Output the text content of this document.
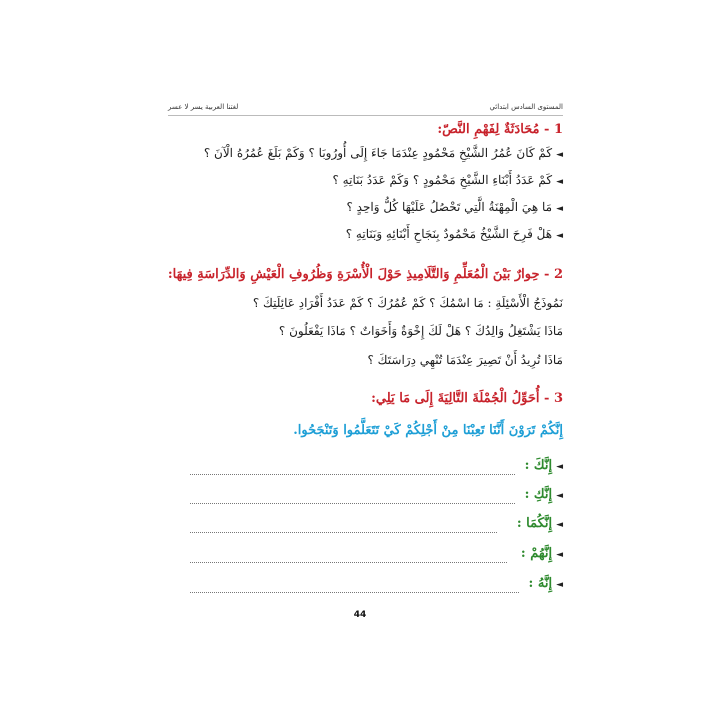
لغتنا العربية يسر لا عسر	المستوى السادس ابتدائي
1 - مُحَادَثَةٌ لِفَهْمِ النَّصّ:
◄كَمْ كَانَ عُمُرُ الشَّيْخِ مَحْمُودٍ عِنْدَمَا جَاءَ إِلَى أُورُوبَا ؟ وَكَمْ بَلَغَ عُمُرُهُ الْآنَ ؟
◄كَمْ عَدَدُ أَبْنَاءِ الشَّيْخِ مَحْمُودٍ ؟ وَكَمْ عَدَدُ بَنَاتِهِ ؟
◄مَا هِيَ الْمِهْنَةُ الَّتِي تَحْصُلُ عَلَيْهَا كُلُّ وَاحِدٍ ؟
◄هَلْ فَرِحَ الشَّيْخُ مَحْمُودٌ بِنَجَاحِ أَبْنَائِهِ وَبَنَاتِهِ ؟
2 - حِوارٌ بَيْنَ الْمُعَلِّمِ وَالتَّلَامِيذِ حَوْلَ الْأُسْرَةِ وَظُرُوفِ الْعَيْشِ وَالدِّرَاسَةِ فِيهَا:
نَمُوذَجُ الْأَسْئِلَةِ : مَا اسْمُكَ ؟ كَمْ عُمُرُكَ ؟ كَمْ عَدَدُ أَفْرَادِ عَائِلَتِكَ ؟
مَاذَا يَشْتَغِلُ وَالِدُكَ ؟ هَلْ لَكَ إِخْوَةٌ وَأَخَوَاتٌ ؟ مَاذَا يَفْعَلُونَ ؟
مَاذَا تُرِيدُ أَنْ تَصِيرَ عِنْدَمَا تُنْهِي دِرَاسَتَكَ ؟
3 - أُحَوِّلُ الْجُمْلَةَ التَّالِيَةَ إِلَى مَا يَلِي:
إِنَّكُمْ تَرَوْنَ أَنَّنَا تَعِبْنَا مِنْ أَجْلِكُمْ كَيْ تَتَعَلَّمُوا وَتَنْجَحُوا.
◄إِنَّكَ :
◄إِنَّكِ :
◄إِنَّكُمَا :
◄إِنَّهُمْ :
◄إِنَّهُ :
44
